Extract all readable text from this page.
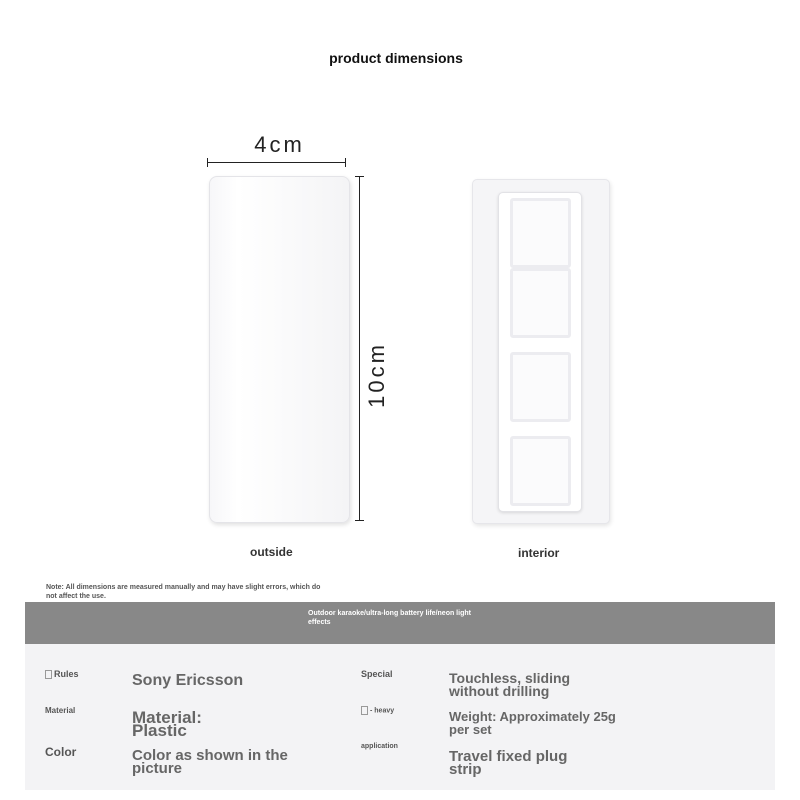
product dimensions
4cm
10cm
outside	interior
Note: All dimensions are measured manually and may have slight errors, which do not affect the use.
Outdoor karaoke/ultra-long battery life/neon light effects
Rules
Material
Color
Sony Ericsson
Material: Plastic
Color as shown in the picture
Special
- heavy
application
Touchless, sliding without drilling
Weight: Approximately 25g per set
Travel fixed plug strip
